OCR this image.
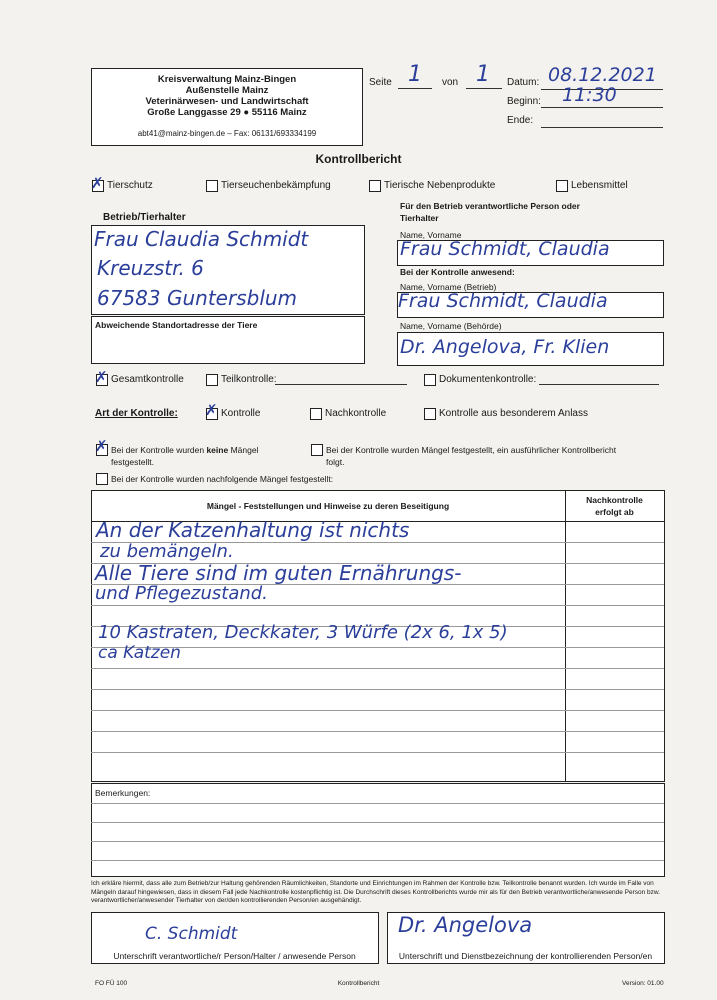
Kreisverwaltung Mainz-Bingen
Außenstelle Mainz
Veterinärwesen- und Landwirtschaft
Große Langgasse 29 ● 55116 Mainz
abt41@mainz-bingen.de – Fax: 06131/693334199
Seite 1 von 1 Datum: 08.12.2021
Beginn: 11:30
Ende:
Kontrollbericht
✗ Tierschutz	Tierseuchenbekämpfung	Tierische Nebenprodukte	Lebensmittel
Betrieb/Tierhalter
Frau Claudia Schmidt
Kreuzstr. 6
67583 Guntersblum
Abweichende Standortadresse der Tiere
Für den Betrieb verantwortliche Person oder Tierhalter
Name, Vorname
Frau Schmidt, Claudia
Bei der Kontrolle anwesend:
Name, Vorname (Betrieb)
Frau Schmidt, Claudia
Name, Vorname (Behörde)
Dr. Angelova, Fr. Klien
✗ Gesamtkontrolle	Teilkontrolle:	Dokumentenkontrolle:
Art der Kontrolle: ✗ Kontrolle	Nachkontrolle	Kontrolle aus besonderem Anlass
✗ Bei der Kontrolle wurden keine Mängel
festgestellt.
Bei der Kontrolle wurden Mängel festgestellt, ein ausführlicher Kontrollbericht
folgt.
Bei der Kontrolle wurden nachfolgende Mängel festgestellt:
Mängel - Feststellungen und Hinweise zu deren Beseitigung
Nachkontrolle
erfolgt ab
An der Katzenhaltung ist nichts
zu bemängeln.
Alle Tiere sind im guten Ernährungs-
und Pflegezustand.
10 Kastraten, Deckkater, 3 Würfe (2x 6, 1x 5)
ca Katzen
Bemerkungen:
Ich erkläre hiermit, dass alle zum Betrieb/zur Haltung gehörenden Räumlichkeiten, Standorte und Einrichtungen im Rahmen der Kontrolle bzw. Teilkontrolle benannt wurden. Ich wurde im Falle von Mängeln darauf hingewiesen, dass in diesem Fall jede Nachkontrolle kostenpflichtig ist. Die Durchschrift dieses Kontrollberichts wurde mir als für den Betrieb verantwortliche/anwesende Person bzw. verantwortlicher/anwesender Tierhalter von der/den kontrollierenden Person/en ausgehändigt.
C. Schmidt
Unterschrift verantwortliche/r Person/Halter / anwesende Person
Dr. Angelova
Unterschrift und Dienstbezeichnung der kontrollierenden Person/en
FO FÜ 100	Kontrollbericht	Version: 01.00
